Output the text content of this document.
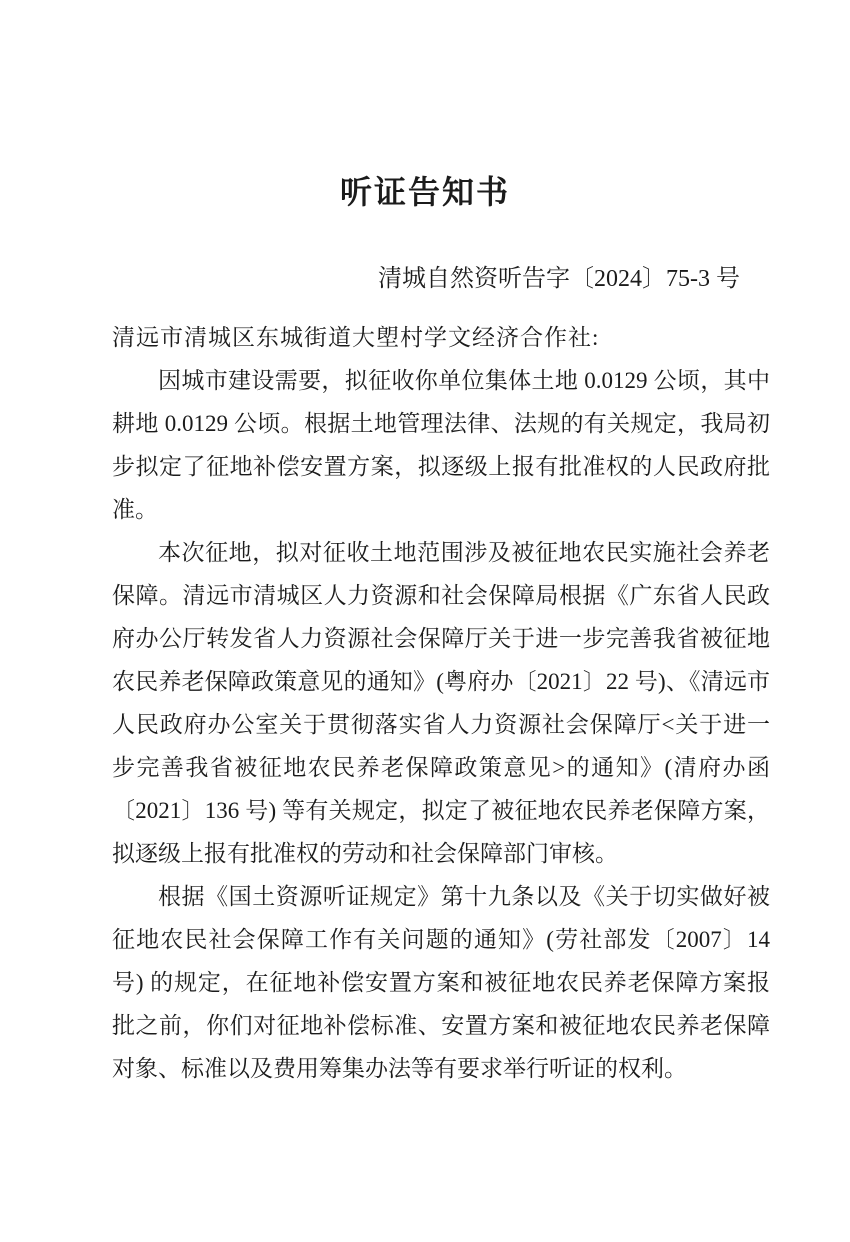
听证告知书
清城自然资听告字〔2024〕75-3 号
清远市清城区东城街道大塱村学文经济合作社:
因城市建设需要，拟征收你单位集体土地 0.0129 公顷，其中
耕地 0.0129 公顷。根据土地管理法律、法规的有关规定，我局初
步拟定了征地补偿安置方案，拟逐级上报有批准权的人民政府批
准。
本次征地，拟对征收土地范围涉及被征地农民实施社会养老
保障。清远市清城区人力资源和社会保障局根据《广东省人民政
府办公厅转发省人力资源社会保障厅关于进一步完善我省被征地
农民养老保障政策意见的通知》(粤府办〔2021〕22 号)、《清远市
人民政府办公室关于贯彻落实省人力资源社会保障厅<关于进一
步完善我省被征地农民养老保障政策意见>的通知》(清府办函
〔2021〕136 号) 等有关规定，拟定了被征地农民养老保障方案，
拟逐级上报有批准权的劳动和社会保障部门审核。
根据《国土资源听证规定》第十九条以及《关于切实做好被
征地农民社会保障工作有关问题的通知》(劳社部发〔2007〕14
号) 的规定，在征地补偿安置方案和被征地农民养老保障方案报
批之前，你们对征地补偿标准、安置方案和被征地农民养老保障
对象、标准以及费用筹集办法等有要求举行听证的权利。
